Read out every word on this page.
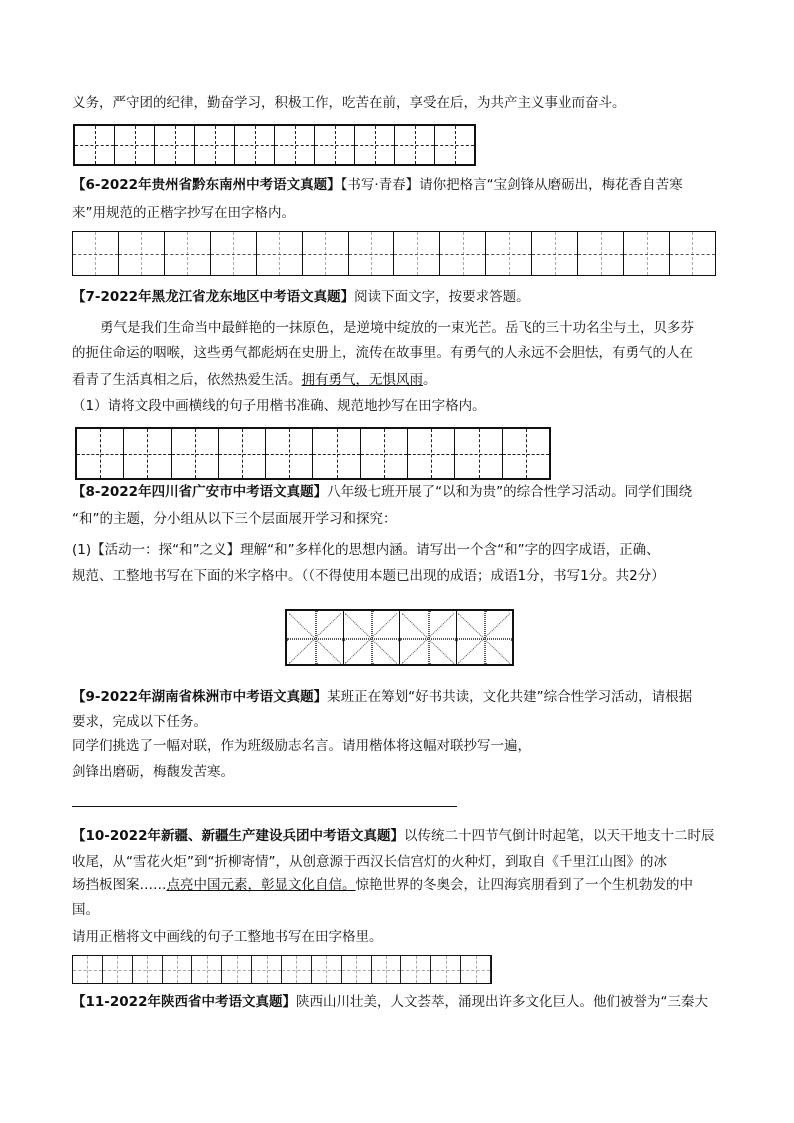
义务，严守团的纪律，勤奋学习，积极工作，吃苦在前，享受在后，为共产主义事业而奋斗。
【6-2022年贵州省黔东南州中考语文真题】【书写·青春】请你把格言“宝剑锋从磨砺出，梅花香自苦寒
来”用规范的正楷字抄写在田字格内。
【7-2022年黑龙江省龙东地区中考语文真题】阅读下面文字，按要求答题。
勇气是我们生命当中最鲜艳的一抹原色，是逆境中绽放的一束光芒。岳飞的三十功名尘与土，贝多芬
的扼住命运的咽喉，这些勇气都彪炳在史册上，流传在故事里。有勇气的人永远不会胆怯，有勇气的人在
看青了生活真相之后，依然热爱生活。拥有勇气，无惧风雨。
（1）请将文段中画横线的句子用楷书准确、规范地抄写在田字格内。
【8-2022年四川省广安市中考语文真题】八年级七班开展了“以和为贵”的综合性学习活动。同学们围绕
“和”的主题，分小组从以下三个层面展开学习和探究：
(1)【活动一：探“和”之义】理解“和”多样化的思想内涵。请写出一个含“和”字的四字成语，正确、
规范、工整地书写在下面的米字格中。（（不得使用本题已出现的成语；成语1分，书写1分。共2分）
【9-2022年湖南省株洲市中考语文真题】某班正在筹划“好书共读，文化共建”综合性学习活动，请根据
要求，完成以下任务。
同学们挑选了一幅对联，作为班级励志名言。请用楷体将这幅对联抄写一遍，
剑锋出磨砺，梅馥发苦寒。
【10-2022年新疆、新疆生产建设兵团中考语文真题】以传统二十四节气倒计时起笔，以天干地支十二时辰
收尾，从“雪花火炬”到“折柳寄情”，从创意源于西汉长信宫灯的火种灯，到取自《千里江山图》的冰
场挡板图案……点亮中国元素，彰显文化自信。惊艳世界的冬奥会，让四海宾朋看到了一个生机勃发的中
国。
请用正楷将文中画线的句子工整地书写在田字格里。
【11-2022年陕西省中考语文真题】陕西山川壮美，人文荟萃，涌现出许多文化巨人。他们被誉为“三秦大
